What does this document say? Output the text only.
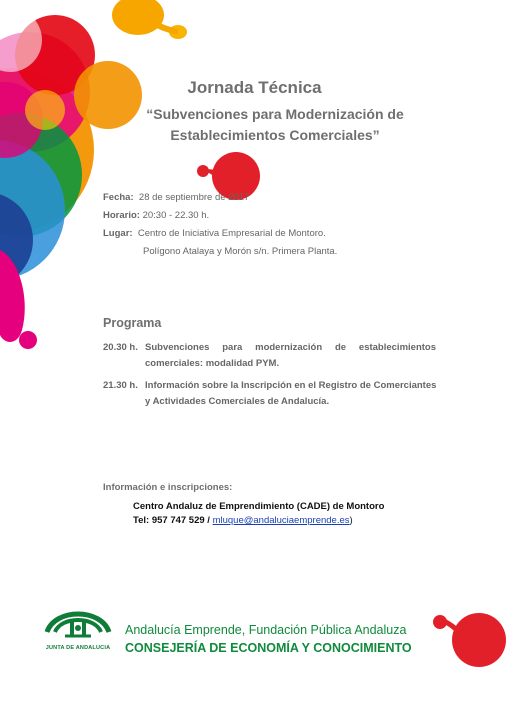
Jornada Técnica
“Subvenciones para Modernización de
Establecimientos Comerciales”
Fecha: 28 de septiembre de 2017
Horario: 20:30 - 22.30 h.
Lugar: Centro de Iniciativa Empresarial de Montoro.
Polígono Atalaya y Morón s/n. Primera Planta.
Programa
20.30 h. Subvenciones para modernización de establecimientos
comerciales: modalidad PYM.
21.30 h. Información sobre la Inscripción en el Registro de Comerciantes
y Actividades Comerciales de Andalucía.
Información e inscripciones:
Centro Andaluz de Emprendimiento (CADE) de Montoro
Tel: 957 747 529 / mluque@andaluciaemprende.es)
JUNTA DE ANDALUCIA
Andalucía Emprende, Fundación Pública Andaluza
CONSEJERÍA DE ECONOMÍA Y CONOCIMIENTO
